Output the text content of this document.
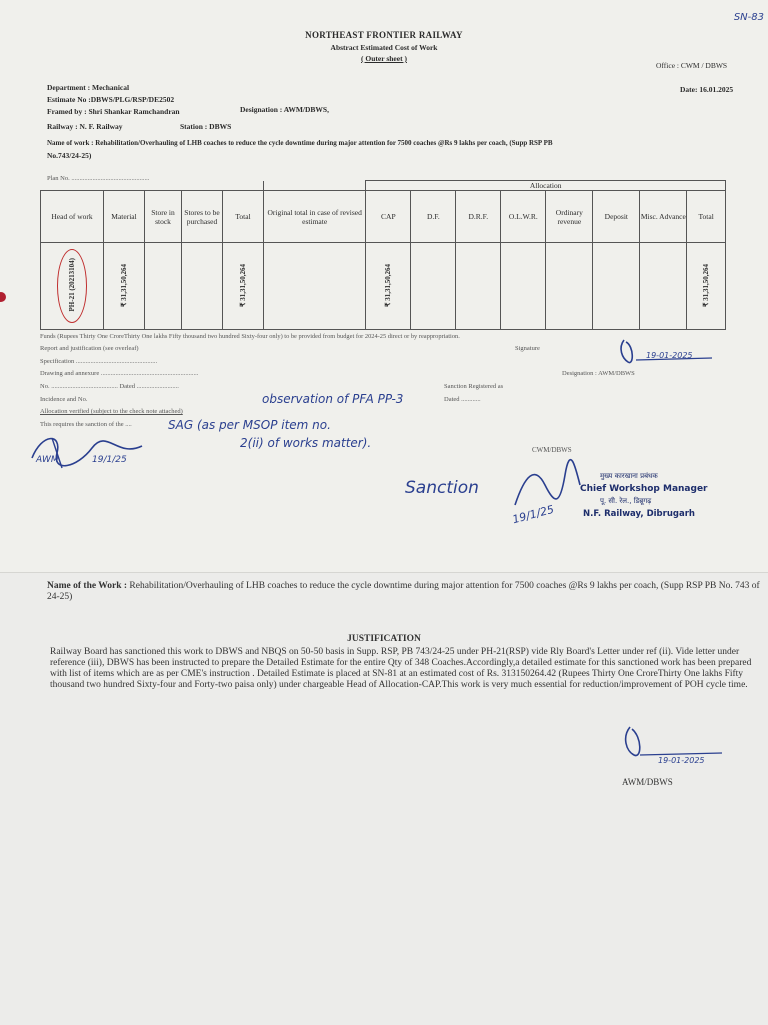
SN-83
NORTHEAST FRONTIER RAILWAY
Abstract Estimated Cost of Work
( Outer sheet )
Office : CWM / DBWS
Department : Mechanical	Date: 16.01.2025
Estimate No :DBWS/PLG/RSP/DE2502
Framed by : Shri Shankar Ramchandran	Designation : AWM/DBWS,
Railway : N. F. Railway	Station : DBWS
Name of work : Rehabilitation/Overhauling of LHB coaches to reduce the cycle downtime during major attention for 7500 coaches @Rs 9 lakhs per coach, (Supp RSP PB
No.743/24-25)
Plan No. ................................................
						Allocation							
Head of work	Material	Store in stock	Stores to be purchased	Total	Original total in case of revised estimate	CAP	D.F.	D.R.F.	O.L.W.R.	Ordinary revenue	Deposit	Misc. Advance	Total
PH-21 (20213104)	₹ 31,31,50,264			₹ 31,31,50,264		₹ 31,31,50,264							₹ 31,31,50,264
Funds (Rupees Thirty One CroreThirty One lakhs Fifty thousand two hundred Sixty-four only) to be provided from budget for 2024-25 direct or by reappropriation.
Report and justification (see overleaf)	Signature
Specification ..................................................
Drawing and annexure ............................................................	Designation : AWM/DBWS
No. ......................................... Dated ..........................	Sanction Registered as
Incidence and No.	Dated ............
Allocation verified (subject to the check note attached)
This requires the sanction of the ....
observation of PFA PP-3
SAG (as per MSOP item no.
2(ii) of works matter).
AWM	19/1/25
19-01-2025
Sanction
19/1/25
CWM/DBWS
मुख्य कारखाना प्रबंधक
Chief Workshop Manager
पू. सी. रेल., डिब्रूगढ़
N.F. Railway, Dibrugarh
Name of the Work : Rehabilitation/Overhauling of LHB coaches to reduce the cycle downtime during major attention for 7500 coaches @Rs 9 lakhs per coach, (Supp RSP PB No. 743 of 24-25)
JUSTIFICATION
Railway Board has sanctioned this work to DBWS and NBQS on 50-50 basis in Supp. RSP, PB 743/24-25 under PH-21(RSP) vide Rly Board's Letter under ref (ii). Vide letter under reference (iii), DBWS has been instructed to prepare the Detailed Estimate for the entire Qty of 348 Coaches.Accordingly,a detailed estimate for this sanctioned work has been prepared with list of items which are as per CME's instruction . Detailed Estimate is placed at SN-81 at an estimated cost of Rs. 313150264.42 (Rupees Thirty One CroreThirty One lakhs Fifty thousand two hundred Sixty-four and Forty-two paisa only) under chargeable Head of Allocation-CAP.This work is very much essential for reduction/improvement of POH cycle time.
19-01-2025
AWM/DBWS
